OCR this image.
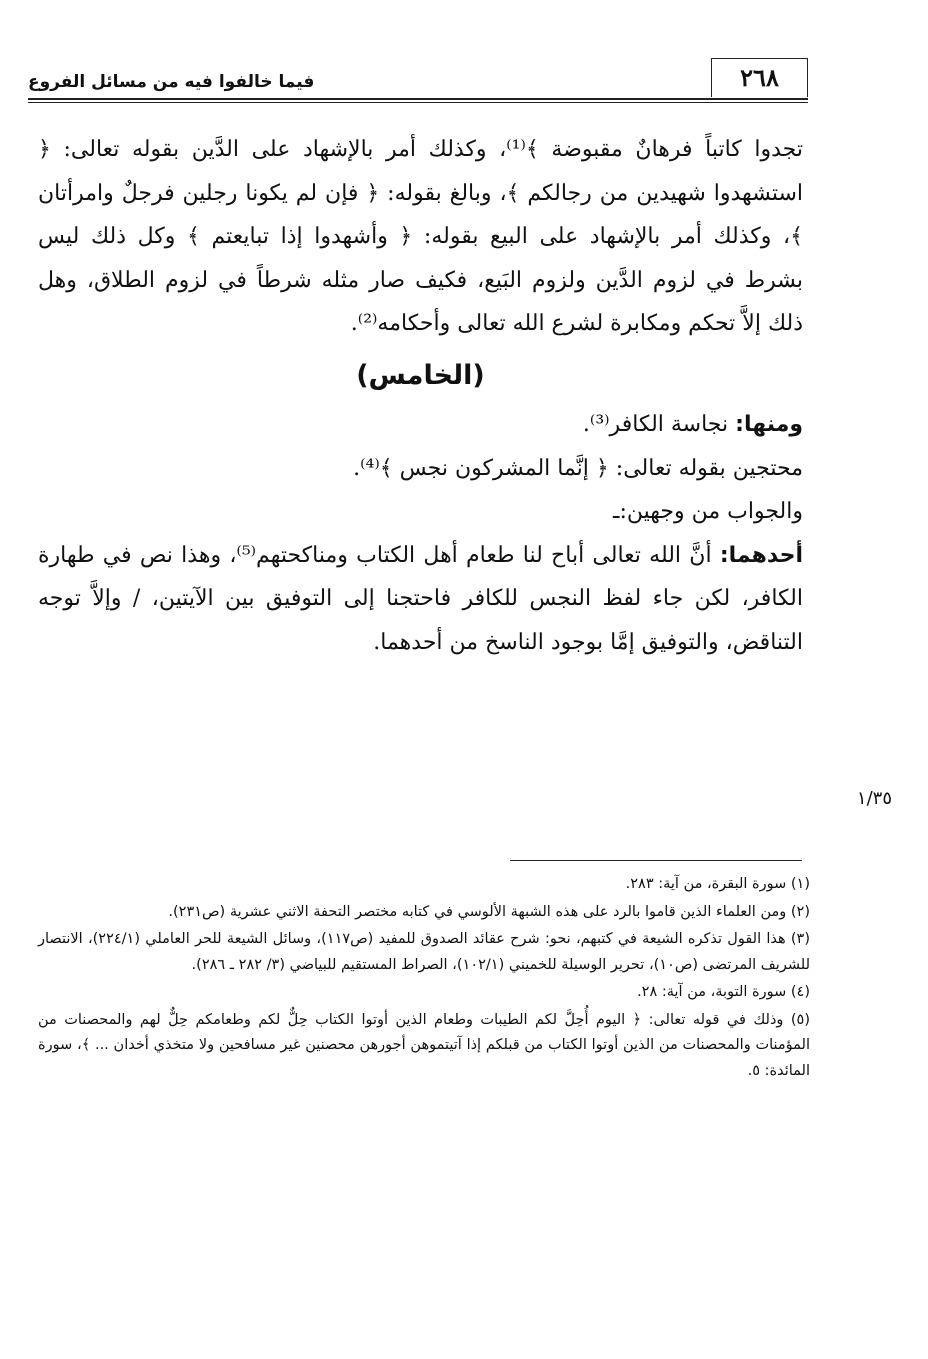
٢٦٨
فيما خالفوا فيه من مسائل الفروع

تجدوا كاتباً فرهانٌ مقبوضة ﴾⁽¹⁾، وكذلك أمر بالإشهاد على الدَّين بقوله تعالى: ﴿ استشهدوا شهيدين من رجالكم ﴾، وبالغ بقوله: ﴿ فإن لم يكونا رجلين فرجلٌ وامرأتان ﴾، وكذلك أمر بالإشهاد على البيع بقوله: ﴿ وأشهدوا إذا تبايعتم ﴾ وكل ذلك ليس بشرط في لزوم الدَّين ولزوم البَيع، فكيف صار مثله شرطاً في لزوم الطلاق، وهل ذلك إلاَّ تحكم ومكابرة لشرع الله تعالى وأحكامه⁽²⁾.

(الخامس)

ومنها: نجاسة الكافر⁽³⁾.

محتجين بقوله تعالى: ﴿ إنَّما المشركون نجس ﴾⁽⁴⁾.

والجواب من وجهين:ـ

أحدهما: أنَّ الله تعالى أباح لنا طعام أهل الكتاب ومناكحتهم⁽⁵⁾، وهذا نص في طهارة الكافر، لكن جاء لفظ النجس للكافر فاحتجنا إلى التوفيق بين الآيتين، / وإلاَّ توجه التناقض، والتوفيق إمَّا بوجود الناسخ من أحدهما.

١/٣٥

(١) سورة البقرة، من آية: ٢٨٣.

(٢) ومن العلماء الذين قاموا بالرد على هذه الشبهة الألوسي في كتابه مختصر التحفة الاثني عشرية (ص٢٣١).

(٣) هذا القول تذكره الشيعة في كتبهم، نحو: شرح عقائد الصدوق للمفيد (ص١١٧)، وسائل الشيعة للحر العاملي (٢٢٤/١)، الانتصار للشريف المرتضى (ص١٠)، تحرير الوسيلة للخميني (١٠٢/١)، الصراط المستقيم للبياضي (٣/ ٢٨٢ ـ ٢٨٦).

(٤) سورة التوبة، من آية: ٢٨.

(٥) وذلك في قوله تعالى: ﴿ اليوم أُحِلَّ لكم الطيبات وطعام الذين أوتوا الكتاب حِلٌّ لكم وطعامكم حِلٌّ لهم والمحصنات من المؤمنات والمحصنات من الذين أوتوا الكتاب من قبلكم إذا آتيتموهن أجورهن محصنين غير مسافحين ولا متخذي أخدان ... ﴾، سورة المائدة: ٥.
